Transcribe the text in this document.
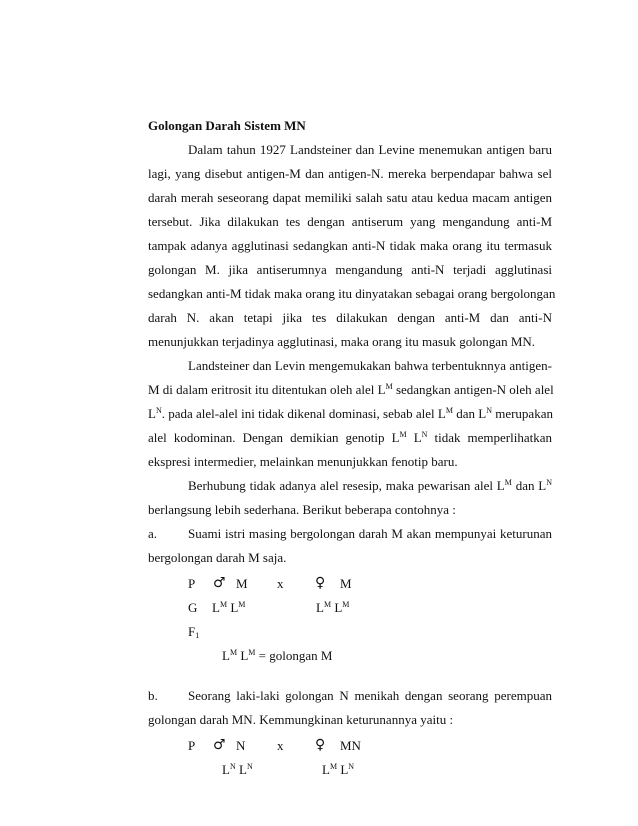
Golongan Darah Sistem MN
Dalam tahun 1927 Landsteiner dan Levine menemukan antigen baru
lagi, yang disebut antigen-M dan antigen-N. mereka berpendapar bahwa sel
darah merah seseorang dapat memiliki salah satu atau kedua macam antigen
tersebut. Jika dilakukan tes dengan antiserum yang mengandung anti-M
tampak adanya agglutinasi sedangkan anti-N tidak maka orang itu termasuk
golongan M. jika antiserumnya mengandung anti-N terjadi agglutinasi
sedangkan anti-M tidak maka orang itu dinyatakan sebagai orang bergolongan
darah N. akan tetapi jika tes dilakukan dengan anti-M dan anti-N
menunjukkan terjadinya agglutinasi, maka orang itu masuk golongan MN.
Landsteiner dan Levin mengemukakan bahwa terbentuknnya antigen-
M di dalam eritrosit itu ditentukan oleh alel $L^M$ sedangkan antigen-N oleh alel
$L^N$. pada alel-alel ini tidak dikenal dominasi, sebab alel $L^M$ dan $L^N$ merupakan
alel kodominan. Dengan demikian genotip $L^M$ $L^N$ tidak memperlihatkan
ekspresi intermedier, melainkan menunjukkan fenotip baru.
Berhubung tidak adanya alel resesip, maka pewarisan alel $L^M$ dan $L^N$
berlangsung lebih sederhana. Berikut beberapa contohnya :
a. Suami istri masing bergolongan darah M akan mempunyai keturunan
bergolongan darah M saja.
P ♂ M x ♀ M
G $L^M$ $L^M$	$L^M$ $L^M$
$F_1$
$L^M$ $L^M$ = golongan M
b. Seorang laki-laki golongan N menikah dengan seorang perempuan
golongan darah MN. Kemmungkinan keturunannya yaitu :
P ♂ N x ♀ MN
$L^N$ $L^N$	$L^M$ $L^N$
